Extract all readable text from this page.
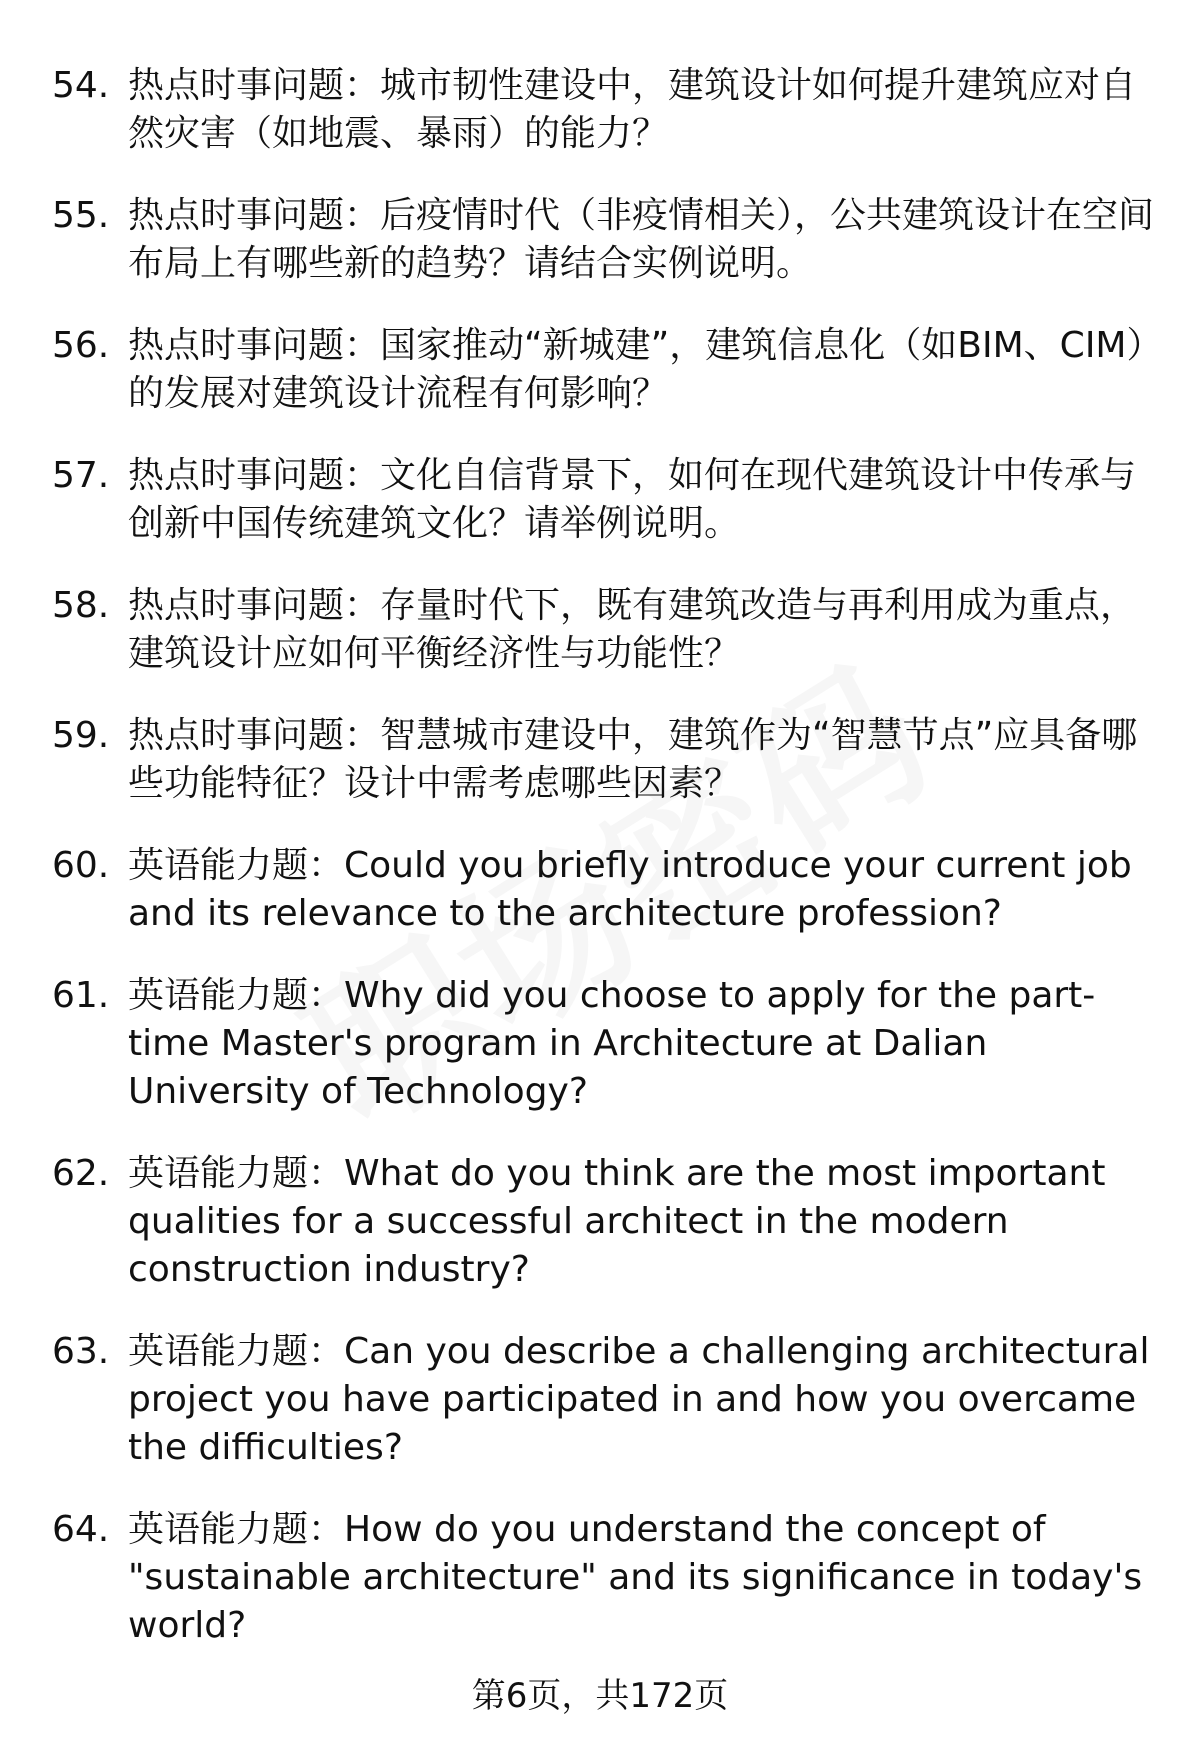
54. 热点时事问题：城市韧性建设中，建筑设计如何提升建筑应对自然灾害（如地震、暴雨）的能力？
55. 热点时事问题：后疫情时代（非疫情相关），公共建筑设计在空间布局上有哪些新的趋势？请结合实例说明。
56. 热点时事问题：国家推动“新城建”，建筑信息化（如BIM、CIM）的发展对建筑设计流程有何影响？
57. 热点时事问题：文化自信背景下，如何在现代建筑设计中传承与创新中国传统建筑文化？请举例说明。
58. 热点时事问题：存量时代下，既有建筑改造与再利用成为重点，建筑设计应如何平衡经济性与功能性？
59. 热点时事问题：智慧城市建设中，建筑作为“智慧节点”应具备哪些功能特征？设计中需考虑哪些因素？
60. 英语能力题：Could you briefly introduce your current job and its relevance to the architecture profession?
61. 英语能力题：Why did you choose to apply for the part-time Master's program in Architecture at Dalian University of Technology?
62. 英语能力题：What do you think are the most important qualities for a successful architect in the modern construction industry?
63. 英语能力题：Can you describe a challenging architectural project you have participated in and how you overcame the difficulties?
64. 英语能力题：How do you understand the concept of "sustainable architecture" and its significance in today's world?
第6页，共172页
